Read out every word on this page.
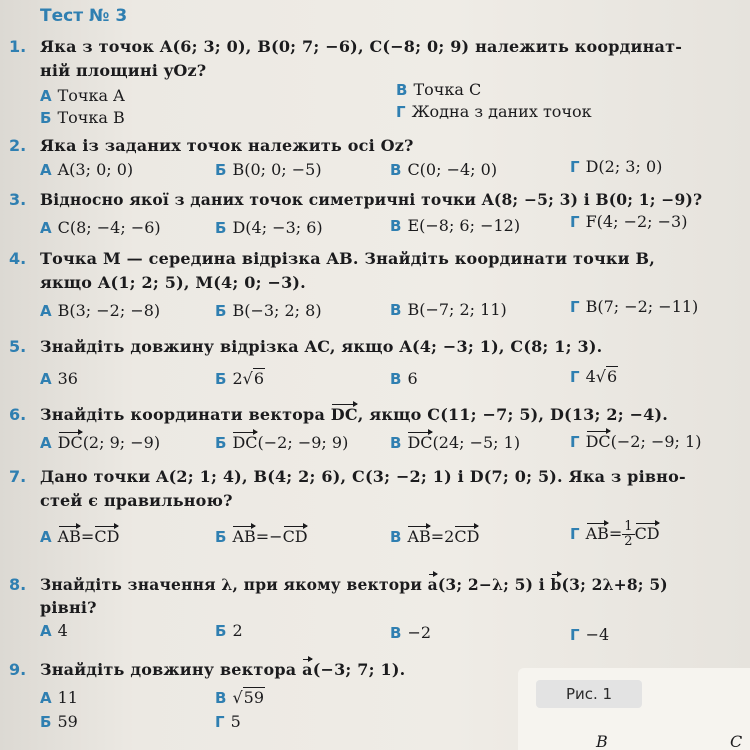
Тест № 3
1. Яка з точок A(6; 3; 0), B(0; 7; −6), C(−8; 0; 9) належить координат-
ній площині yOz?
А Точка A
Б Точка B
В Точка C
Г Жодна з даних точок
2. Яка із заданих точок належить осі Oz?
А A(3; 0; 0)	Б B(0; 0; −5)	В C(0; −4; 0)	Г D(2; 3; 0)
3. Відносно якої з даних точок симетричні точки A(8; −5; 3) і B(0; 1; −9)?
А C(8; −4; −6)	Б D(4; −3; 6)	В E(−8; 6; −12)	Г F(4; −2; −3)
4. Точка M — середина відрізка AB. Знайдіть координати точки B,
якщо A(1; 2; 5), M(4; 0; −3).
А B(3; −2; −8)	Б B(−3; 2; 8)	В B(−7; 2; 11)	Г B(7; −2; −11)
5. Знайдіть довжину відрізка AC, якщо A(4; −3; 1), C(8; 1; 3).
А 36	Б 2√6	В 6	Г 4√6
6. Знайдіть координати вектора DC, якщо C(11; −7; 5), D(13; 2; −4).
А DC(2; 9; −9)	Б DC(−2; −9; 9)	В DC(24; −5; 1)	Г DC(−2; −9; 1)
7. Дано точки A(2; 1; 4), B(4; 2; 6), C(3; −2; 1) і D(7; 0; 5). Яка з рівно-
стей є правильною?
А AB=CD	Б AB=−CD	В AB=2CD	Г $AB= \frac{1}{2}$ CD
8. Знайдіть значення λ, при якому вектори a(3; 2−λ; 5) і b(3; 2λ+8; 5)
рівні?
А 4	Б 2	В −2	Г −4
9. Знайдіть довжину вектора a(−3; 7; 1).
А 11
Б 59
В √59
Г 5
Рис. 1
B	C
